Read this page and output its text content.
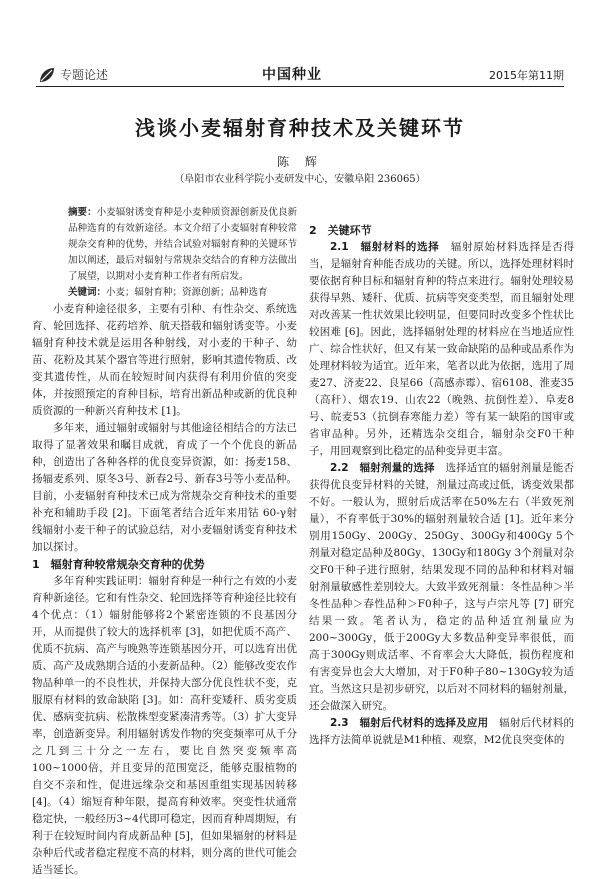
专题论述	中国种业	2015年第11期
浅谈小麦辐射育种技术及关键环节
陈 辉
（阜阳市农业科学院小麦研发中心，安徽阜阳 236065）

摘要：小麦辐射诱变育种是小麦种质资源创新及优良新品种选育的有效新途径。本文介绍了小麦辐射育种较常规杂交育种的优势，并结合试验对辐射育种的关键环节加以阐述，最后对辐射与常规杂交结合的育种方法做出了展望，以期对小麦育种工作者有所启发。

关键词：小麦；辐射育种；资源创新；品种选育

小麦育种途径很多，主要有引种、有性杂交、系统选育、轮回选择、花药培养、航天搭载和辐射诱变等。小麦辐射育种技术就是运用各种射线，对小麦的干种子、幼苗、花粉及其某个器官等进行照射，影响其遗传物质、改变其遗传性，从而在较短时间内获得有利用价值的突变体，并按照预定的育种目标，培育出新品种或新的优良种质资源的一种新兴育种技术 [1]。

多年来，通过辐射或辐射与其他途径相结合的方法已取得了显著效果和瞩目成就，育成了一个个优良的新品种，创造出了各种各样的优良变异资源，如：扬麦158、扬辐麦系列、原冬3号、新春2号、新春3号等小麦品种。目前，小麦辐射育种技术已成为常规杂交育种技术的重要补充和辅助手段 [2]。下面笔者结合近年来用钴 60-γ射线辐射小麦干种子的试验总结，对小麦辐射诱变育种技术加以探讨。

1　辐射育种较常规杂交育种的优势

多年育种实践证明：辐射育种是一种行之有效的小麦育种新途径。它和有性杂交、轮回选择等育种途径比较有4个优点：（1）辐射能够将2个紧密连锁的不良基因分开，从而提供了较大的选择机率 [3]，如把优质不高产、优质不抗病、高产与晚熟等连锁基因分开，可以选育出优质、高产及成熟期合适的小麦新品种。（2）能够改变农作物品种单一的不良性状，并保持大部分优良性状不变，克服原有材料的致命缺陷 [3]。如：高秆变矮秆、质劣变质优、感病变抗病、松散株型变紧凑清秀等。（3）扩大变异率，创造新变异。利用辐射诱发作物的突变频率可从千分之几到三十分之一左右，要比自然突变频率高100~1000倍，并且变异的范围宽泛，能够克服植物的自交不亲和性，促进远缘杂交和基因重组实现基因转移 [4]。（4）缩短育种年限，提高育种效率。突变性状通常稳定快，一般经历3~4代即可稳定，因而育种周期短，有利于在较短时间内育成新品种 [5]，但如果辐射的材料是杂种后代或者稳定程度不高的材料，则分离的世代可能会适当延长。

2　关键环节

2.1　辐射材料的选择　 辐射原始材料选择是否得当，是辐射育种能否成功的关键。所以，选择处理材料时要依据育种目标和辐射育种的特点来进行。辐射处理较易获得早熟、矮秆、优质、抗病等突变类型，而且辐射处理对改善某一性状效果比较明显，但要同时改变多个性状比较困难 [6]。因此，选择辐射处理的材料应在当地适应性广、综合性状好，但又有某一致命缺陷的品种或品系作为处理材料较为适宜。近年来，笔者以此为依据，选用了周麦27、济麦22、良星66（高感赤霉）、宿6108、淮麦35（高秆）、烟农19、山农22（晚熟、抗倒性差）、阜麦8号、皖麦53（抗倒春寒能力差）等有某一缺陷的国审或省审品种。另外，还精选杂交组合，辐射杂交F0干种子，用回观察到比稳定的品种变异更丰富。

2.2　辐射剂量的选择　 选择适宜的辐射剂量是能否获得优良变异材料的关键，剂量过高或过低，诱变效果都不好。一般认为，照射后成活率在50%左右（半致死剂量），不育率低于30%的辐射剂量较合适 [1]。近年来分别用150Gy、200Gy、250Gy、300Gy和400Gy 5个剂量对稳定品种及80Gy、130Gy和180Gy 3个剂量对杂交F0干种子进行照射，结果发现不同的品种和材料对辐射剂量敏感性差别较大。大致半致死剂量：冬性品种＞半冬性品种＞春性品种＞F0种子，这与卢宗凡等 [7] 研究结果一致。笔者认为，稳定的品种适宜剂量应为200~300Gy，低于200Gy大多数品种变异率很低，而高于300Gy则成活率、不育率会大大降低，损伤程度和有害变异也会大大增加，对于F0种子80~130Gy较为适宜。当然这只是初步研究，以后对不同材料的辐射剂量，还会做深入研究。

2.3　辐射后代材料的选择及应用　 辐射后代材料的选择方法简单说就是M1种植、观察，M2优良突变体的
